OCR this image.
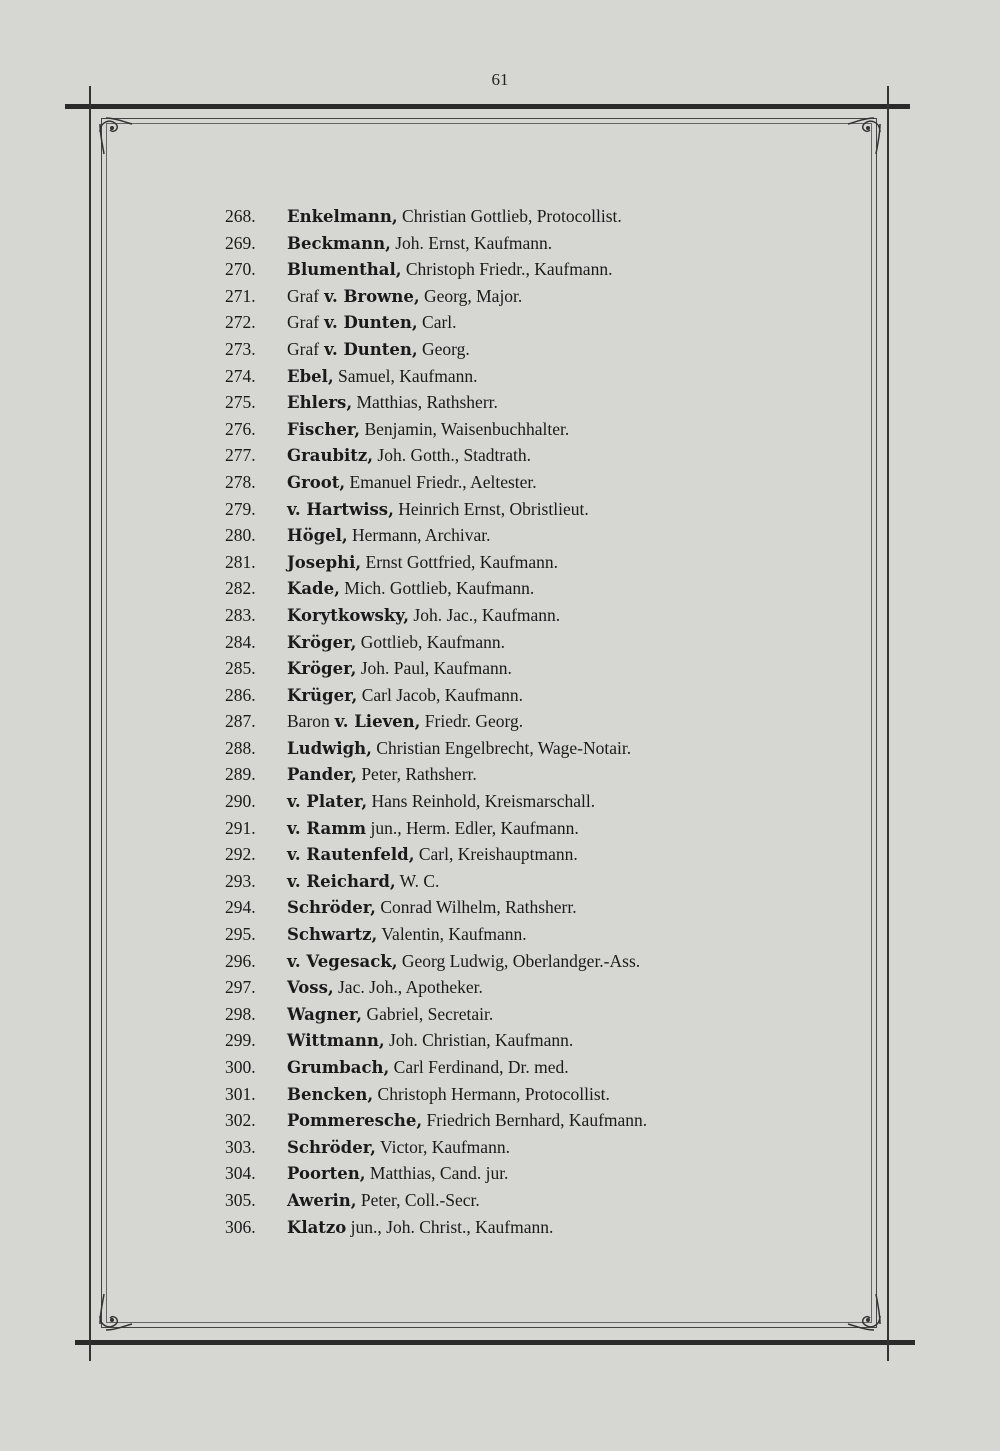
61
268.	Enkelmann, Christian Gottlieb, Protocollist.
269.	Beckmann, Joh. Ernst, Kaufmann.
270.	Blumenthal, Christoph Friedr., Kaufmann.
271.	Graf v. Browne, Georg, Major.
272.	Graf v. Dunten, Carl.
273.	Graf v. Dunten, Georg.
274.	Ebel, Samuel, Kaufmann.
275.	Ehlers, Matthias, Rathsherr.
276.	Fischer, Benjamin, Waisenbuchhalter.
277.	Graubitz, Joh. Gotth., Stadtrath.
278.	Groot, Emanuel Friedr., Aeltester.
279.	v. Hartwiss, Heinrich Ernst, Obristlieut.
280.	Högel, Hermann, Archivar.
281.	Josephi, Ernst Gottfried, Kaufmann.
282.	Kade, Mich. Gottlieb, Kaufmann.
283.	Korytkowsky, Joh. Jac., Kaufmann.
284.	Kröger, Gottlieb, Kaufmann.
285.	Kröger, Joh. Paul, Kaufmann.
286.	Krüger, Carl Jacob, Kaufmann.
287.	Baron v. Lieven, Friedr. Georg.
288.	Ludwigh, Christian Engelbrecht, Wage-Notair.
289.	Pander, Peter, Rathsherr.
290.	v. Plater, Hans Reinhold, Kreismarschall.
291.	v. Ramm jun., Herm. Edler, Kaufmann.
292.	v. Rautenfeld, Carl, Kreishauptmann.
293.	v. Reichard, W. C.
294.	Schröder, Conrad Wilhelm, Rathsherr.
295.	Schwartz, Valentin, Kaufmann.
296.	v. Vegesack, Georg Ludwig, Oberlandger.-Ass.
297.	Voss, Jac. Joh., Apotheker.
298.	Wagner, Gabriel, Secretair.
299.	Wittmann, Joh. Christian, Kaufmann.
300.	Grumbach, Carl Ferdinand, Dr. med.
301.	Bencken, Christoph Hermann, Protocollist.
302.	Pommeresche, Friedrich Bernhard, Kaufmann.
303.	Schröder, Victor, Kaufmann.
304.	Poorten, Matthias, Cand. jur.
305.	Awerin, Peter, Coll.-Secr.
306.	Klatzo jun., Joh. Christ., Kaufmann.
